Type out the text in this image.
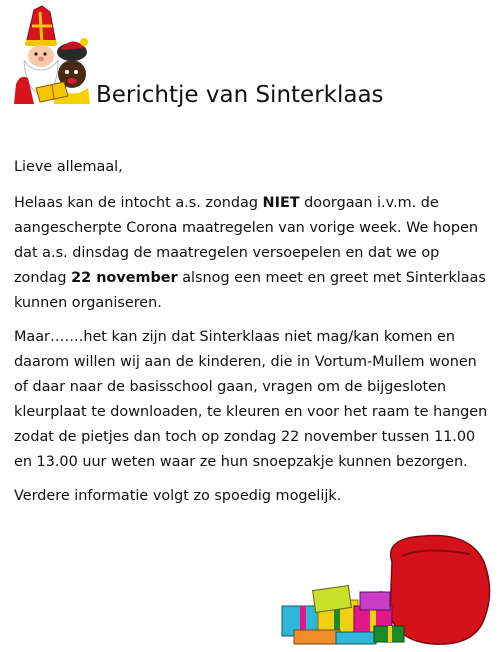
Berichtje van Sinterklaas

Lieve allemaal,

Helaas kan de intocht a.s. zondag NIET doorgaan i.v.m. de aangescherpte Corona maatregelen van vorige week. We hopen dat a.s. dinsdag de maatregelen versoepelen en dat we op zondag 22 november alsnog een meet en greet met Sinterklaas kunnen organiseren.

Maar…….het kan zijn dat Sinterklaas niet mag/kan komen en daarom willen wij aan de kinderen, die in Vortum-Mullem wonen of daar naar de basisschool gaan, vragen om de bijgesloten kleurplaat te downloaden, te kleuren en voor het raam te hangen zodat de pietjes dan toch op zondag 22 november tussen 11.00 en 13.00 uur weten waar ze hun snoepzakje kunnen bezorgen.

Verdere informatie volgt zo spoedig mogelijk.
